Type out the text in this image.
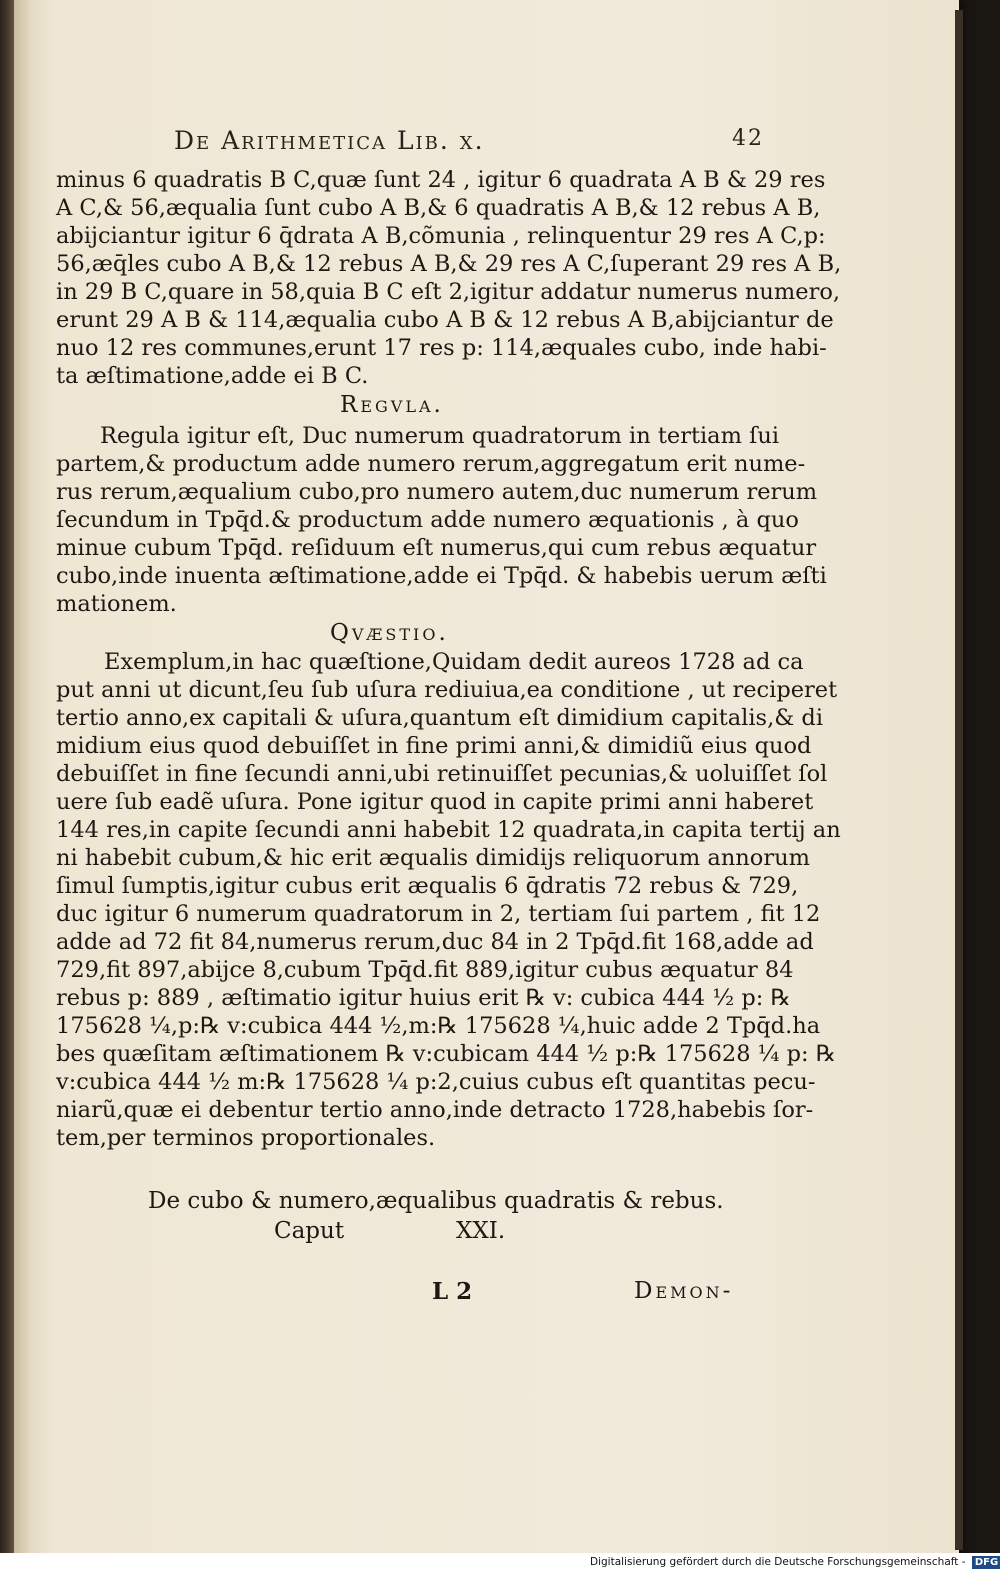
De Arithmetica Lib. x.	42
minus 6 quadratis B C,quæ ſunt 24 , igitur 6 quadrata A B & 29 res
A C,& 56,æqualia ſunt cubo A B,& 6 quadratis A B,& 12 rebus A B,
abijciantur igitur 6 q̄drata A B,cõmunia , relinquentur 29 res A C,p:
56,æq̄les cubo A B,& 12 rebus A B,& 29 res A C,ſuperant 29 res A B,
in 29 B C,quare in 58,quia B C eſt 2,igitur addatur numerus numero,
erunt 29 A B & 114,æqualia cubo A B & 12 rebus A B,abijciantur de
nuo 12 res communes,erunt 17 res p: 114,æquales cubo, inde habi-
ta æſtimatione,adde ei B C.
Regvla.
Regula igitur eſt, Duc numerum quadratorum in tertiam ſui
partem,& productum adde numero rerum,aggregatum erit nume-
rus rerum,æqualium cubo,pro numero autem,duc numerum rerum
ſecundum in Tpq̄d.& productum adde numero æquationis , à quo
minue cubum Tpq̄d. reſiduum eſt numerus,qui cum rebus æquatur
cubo,inde inuenta æſtimatione,adde ei Tpq̄d. & habebis uerum æſti
mationem.
Qvæstio.
Exemplum,in hac quæſtione,Quidam dedit aureos 1728 ad ca
put anni ut dicunt,ſeu ſub uſura rediuiua,ea conditione , ut reciperet
tertio anno,ex capitali & uſura,quantum eſt dimidium capitalis,& di
midium eius quod debuiſſet in fine primi anni,& dimidiũ eius quod
debuiſſet in fine ſecundi anni,ubi retinuiſſet pecunias,& uoluiſſet ſol
uere ſub eadẽ uſura. Pone igitur quod in capite primi anni haberet
144 res,in capite ſecundi anni habebit 12 quadrata,in capita tertij an
ni habebit cubum,& hic erit æqualis dimidijs reliquorum annorum
ſimul ſumptis,igitur cubus erit æqualis 6 q̄dratis 72 rebus & 729,
duc igitur 6 numerum quadratorum in 2, tertiam ſui partem , fit 12
adde ad 72 fit 84,numerus rerum,duc 84 in 2 Tpq̄d.fit 168,adde ad
729,fit 897,abijce 8,cubum Tpq̄d.fit 889,igitur cubus æquatur 84
rebus p: 889 , æſtimatio igitur huius erit ℞ v: cubica 444 ½ p: ℞
175628 ¼,p:℞ v:cubica 444 ½,m:℞ 175628 ¼,huic adde 2 Tpq̄d.ha
bes quæſitam æſtimationem ℞ v:cubicam 444 ½ p:℞ 175628 ¼ p: ℞
v:cubica 444 ½ m:℞ 175628 ¼ p:2,cuius cubus eſt quantitas pecu-
niarũ,quæ ei debentur tertio anno,inde detracto 1728,habebis ſor-
tem,per terminos proportionales.
De cubo & numero,æqualibus quadratis & rebus.
Caput	XXI.
L 2	Demon-
Digitalisierung gefördert durch die Deutsche Forschungsgemeinschaft - DFG
